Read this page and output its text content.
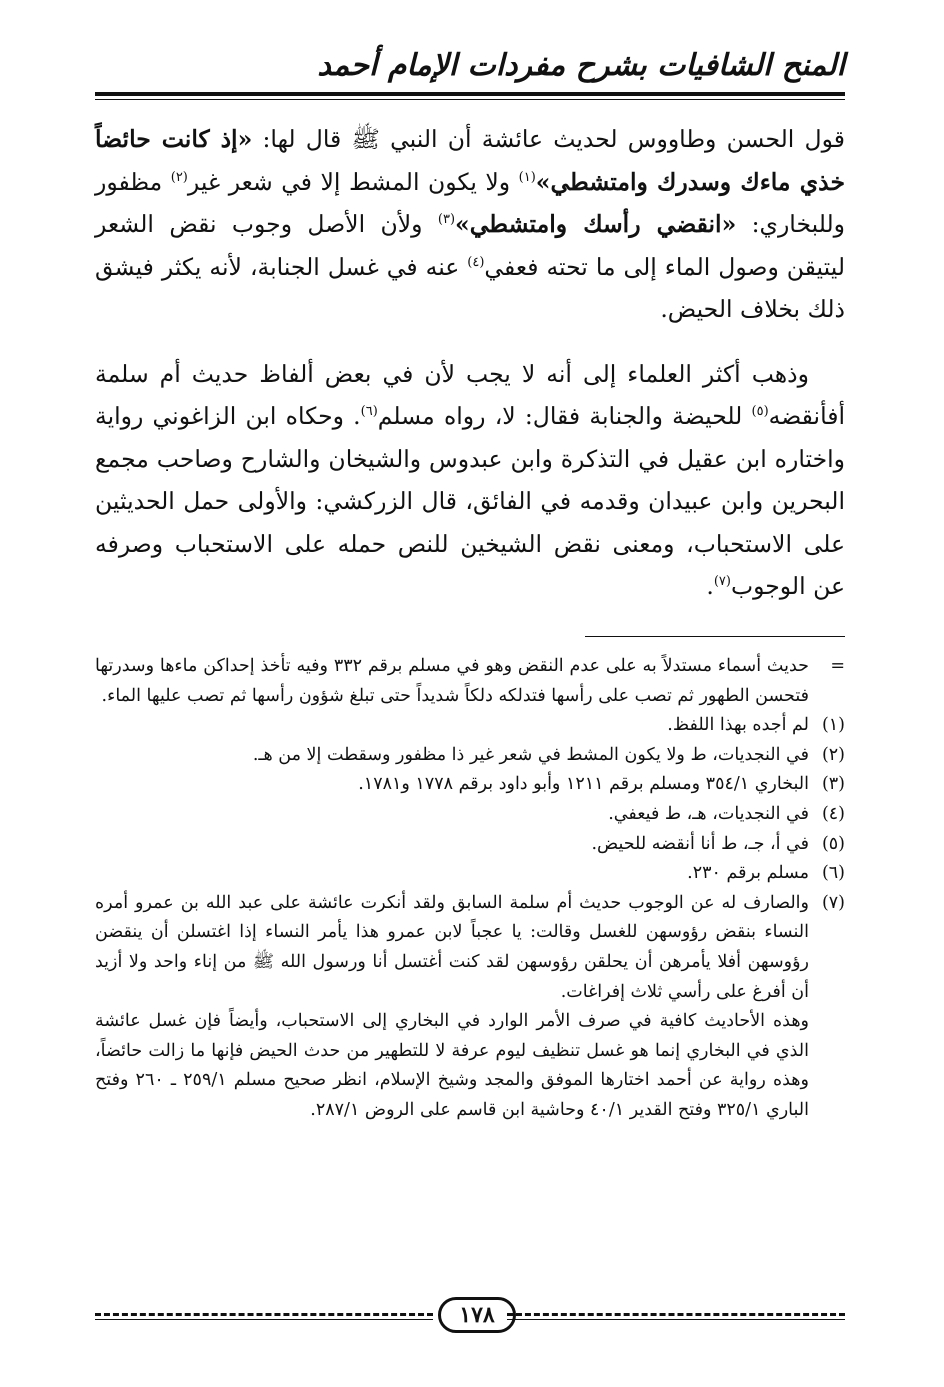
المنح الشافيات بشرح مفردات الإمام أحمد

قول الحسن وطاووس لحديث عائشة أن النبي ﷺ قال لها: «إذ كانت حائضاً خذي ماءك وسدرك وامتشطي»$^{(١)}$ ولا يكون المشط إلا في شعر غير$^{(٢)}$ مظفور وللبخاري: «انقضي رأسك وامتشطي»$^{(٣)}$ ولأن الأصل وجوب نقض الشعر ليتيقن وصول الماء إلى ما تحته فعفي$^{(٤)}$ عنه في غسل الجنابة، لأنه يكثر فيشق ذلك بخلاف الحيض.

وذهب أكثر العلماء إلى أنه لا يجب لأن في بعض ألفاظ حديث أم سلمة أفأنقضه$^{(٥)}$ للحيضة والجنابة فقال: لا، رواه مسلم$^{(٦)}$. وحكاه ابن الزاغوني رواية واختاره ابن عقيل في التذكرة وابن عبدوس والشيخان والشارح وصاحب مجمع البحرين وابن عبيدان وقدمه في الفائق، قال الزركشي: والأولى حمل الحديثين على الاستحباب، ومعنى نقض الشيخين للنص حمله على الاستحباب وصرفه عن الوجوب$^{(٧)}$.

=
حديث أسماء مستدلاً به على عدم النقض وهو في مسلم برقم ٣٣٢ وفيه تأخذ إحداكن ماءها وسدرتها فتحسن الطهور ثم تصب على رأسها فتدلكه دلكاً شديداً حتى تبلغ شؤون رأسها ثم تصب عليها الماء.
(١)
لم أجده بهذا اللفظ.
(٢)
في النجديات، ط ولا يكون المشط في شعر غير ذا مظفور وسقطت إلا من هـ.
(٣)
البخاري ٣٥٤/١ ومسلم برقم ١٢١١ وأبو داود برقم ١٧٧٨ و١٧٨١.
(٤)
في النجديات، هـ، ط فيعفي.
(٥)
في أ، جـ، ط أنا أنقضه للحيض.
(٦)
مسلم برقم ٢٣٠.
(٧)
والصارف له عن الوجوب حديث أم سلمة السابق ولقد أنكرت عائشة على عبد الله بن عمرو أمره النساء بنقض رؤوسهن للغسل وقالت: يا عجباً لابن عمرو هذا يأمر النساء إذا اغتسلن أن ينقضن رؤوسهن أفلا يأمرهن أن يحلقن رؤوسهن لقد كنت أغتسل أنا ورسول الله ﷺ من إناء واحد ولا أزيد أن أفرغ على رأسي ثلاث إفراغات.
وهذه الأحاديث كافية في صرف الأمر الوارد في البخاري إلى الاستحباب، وأيضاً فإن غسل عائشة الذي في البخاري إنما هو غسل تنظيف ليوم عرفة لا للتطهير من حدث الحيض فإنها ما زالت حائضاً، وهذه رواية عن أحمد اختارها الموفق والمجد وشيخ الإسلام، انظر صحيح مسلم ٢٥٩/١ ـ ٢٦٠ وفتح الباري ٣٢٥/١ وفتح القدير ٤٠/١ وحاشية ابن قاسم على الروض ٢٨٧/١.
١٧٨
